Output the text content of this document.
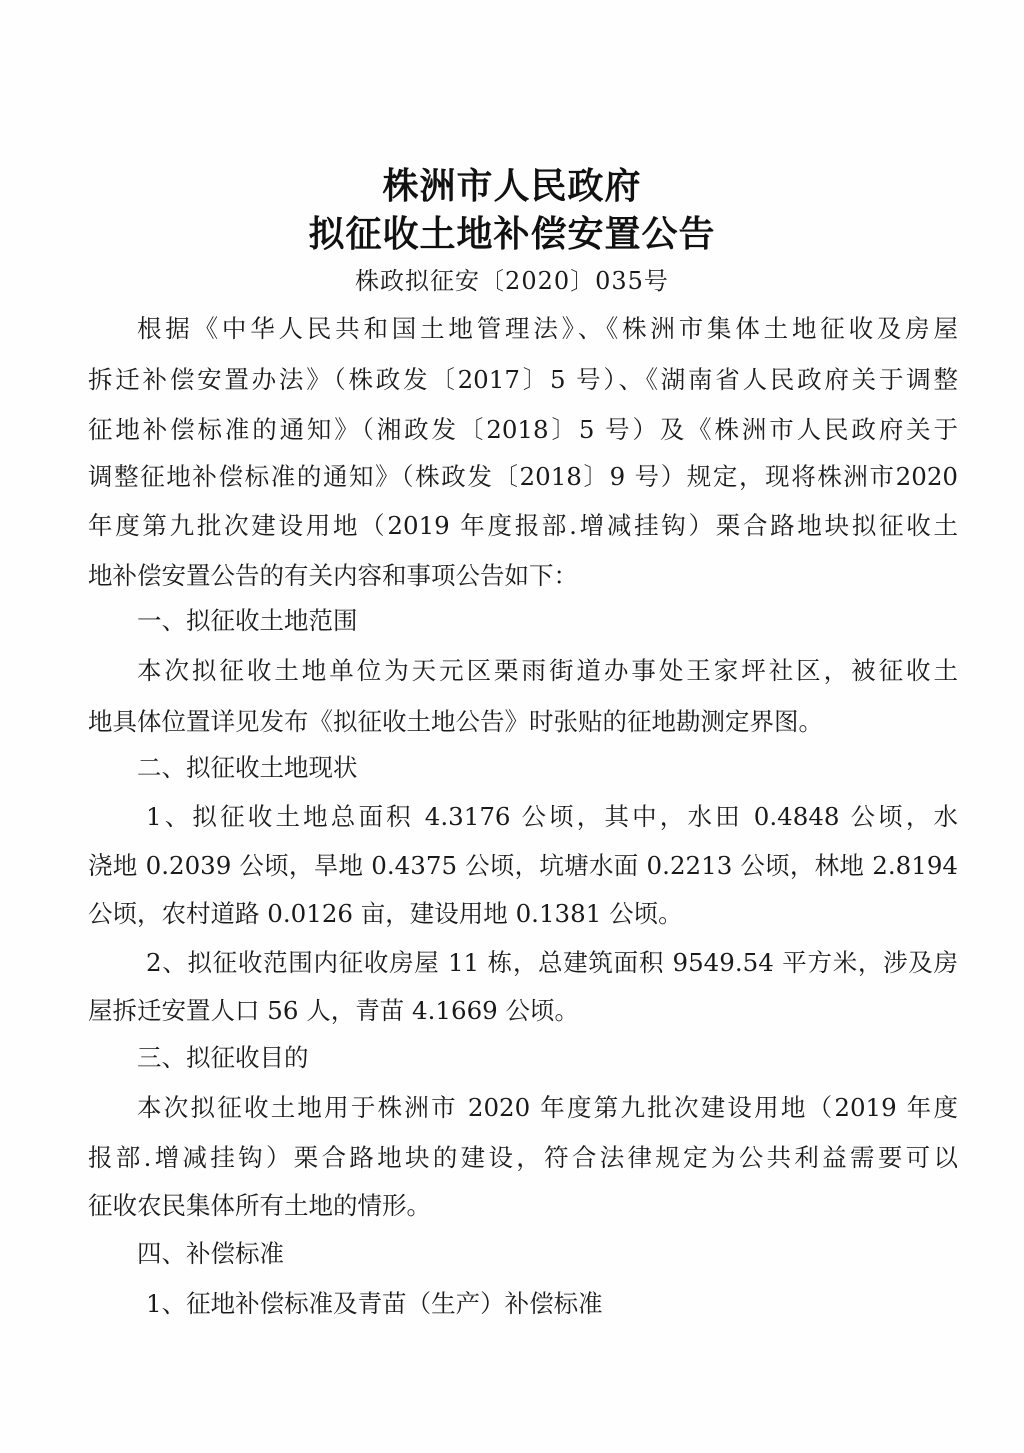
株洲市人民政府
拟征收土地补偿安置公告
株政拟征安〔2020〕035号
根据《中华人民共和国土地管理法》、《株洲市集体土地征收及房屋
拆迁补偿安置办法》（株政发〔2017〕5 号）、《湖南省人民政府关于调整
征地补偿标准的通知》（湘政发〔2018〕5 号）及《株洲市人民政府关于
调整征地补偿标准的通知》（株政发〔2018〕9 号）规定，现将株洲市2020
年度第九批次建设用地（2019 年度报部.增减挂钩）栗合路地块拟征收土
地补偿安置公告的有关内容和事项公告如下：
一、拟征收土地范围
本次拟征收土地单位为天元区栗雨街道办事处王家坪社区，被征收土
地具体位置详见发布《拟征收土地公告》时张贴的征地勘测定界图。
二、拟征收土地现状
1、拟征收土地总面积 4.3176 公顷，其中，水田 0.4848 公顷，水
浇地 0.2039 公顷，旱地 0.4375 公顷，坑塘水面 0.2213 公顷，林地 2.8194
公顷，农村道路 0.0126 亩，建设用地 0.1381 公顷。
2、拟征收范围内征收房屋 11 栋，总建筑面积 9549.54 平方米，涉及房
屋拆迁安置人口 56 人，青苗 4.1669 公顷。
三、拟征收目的
本次拟征收土地用于株洲市 2020 年度第九批次建设用地（2019 年度
报部.增减挂钩）栗合路地块的建设，符合法律规定为公共利益需要可以
征收农民集体所有土地的情形。
四、补偿标准
1、征地补偿标准及青苗（生产）补偿标准
